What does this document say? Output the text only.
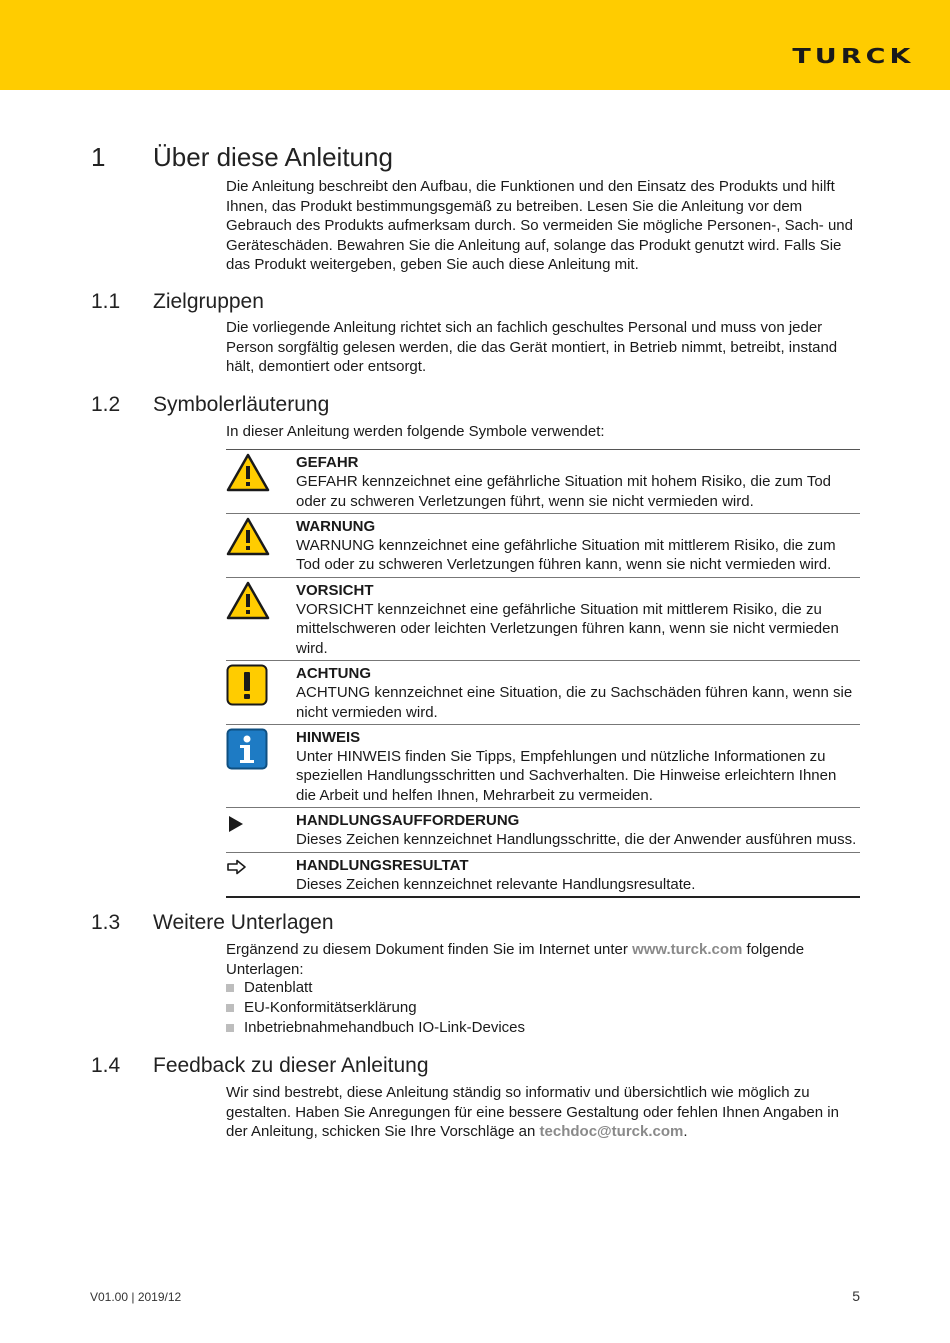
TURCK
1 Über diese Anleitung
Die Anleitung beschreibt den Aufbau, die Funktionen und den Einsatz des Produkts und hilft Ihnen, das Produkt bestimmungsgemäß zu betreiben. Lesen Sie die Anleitung vor dem Gebrauch des Produkts aufmerksam durch. So vermeiden Sie mögliche Personen-, Sach- und Geräteschäden. Bewahren Sie die Anleitung auf, solange das Produkt genutzt wird. Falls Sie das Produkt weitergeben, geben Sie auch diese Anleitung mit.
1.1 Zielgruppen
Die vorliegende Anleitung richtet sich an fachlich geschultes Personal und muss von jeder Person sorgfältig gelesen werden, die das Gerät montiert, in Betrieb nimmt, betreibt, instand hält, demontiert oder entsorgt.
1.2 Symbolerläuterung
In dieser Anleitung werden folgende Symbole verwendet:
GEFAHR
GEFAHR kennzeichnet eine gefährliche Situation mit hohem Risiko, die zum Tod oder zu schweren Verletzungen führt, wenn sie nicht vermieden wird.
WARNUNG
WARNUNG kennzeichnet eine gefährliche Situation mit mittlerem Risiko, die zum Tod oder zu schweren Verletzungen führen kann, wenn sie nicht vermieden wird.
VORSICHT
VORSICHT kennzeichnet eine gefährliche Situation mit mittlerem Risiko, die zu mittelschweren oder leichten Verletzungen führen kann, wenn sie nicht vermieden wird.
ACHTUNG
ACHTUNG kennzeichnet eine Situation, die zu Sachschäden führen kann, wenn sie nicht vermieden wird.
HINWEIS
Unter HINWEIS finden Sie Tipps, Empfehlungen und nützliche Informationen zu speziellen Handlungsschritten und Sachverhalten. Die Hinweise erleichtern Ihnen die Arbeit und helfen Ihnen, Mehrarbeit zu vermeiden.
HANDLUNGSAUFFORDERUNG
Dieses Zeichen kennzeichnet Handlungsschritte, die der Anwender ausführen muss.
HANDLUNGSRESULTAT
Dieses Zeichen kennzeichnet relevante Handlungsresultate.
1.3 Weitere Unterlagen
Ergänzend zu diesem Dokument finden Sie im Internet unter www.turck.com folgende Unterlagen:
Datenblatt
EU-Konformitätserklärung
Inbetriebnahmehandbuch IO-Link-Devices
1.4 Feedback zu dieser Anleitung
Wir sind bestrebt, diese Anleitung ständig so informativ und übersichtlich wie möglich zu gestalten. Haben Sie Anregungen für eine bessere Gestaltung oder fehlen Ihnen Angaben in der Anleitung, schicken Sie Ihre Vorschläge an techdoc@turck.com.
V01.00 | 2019/12	5
